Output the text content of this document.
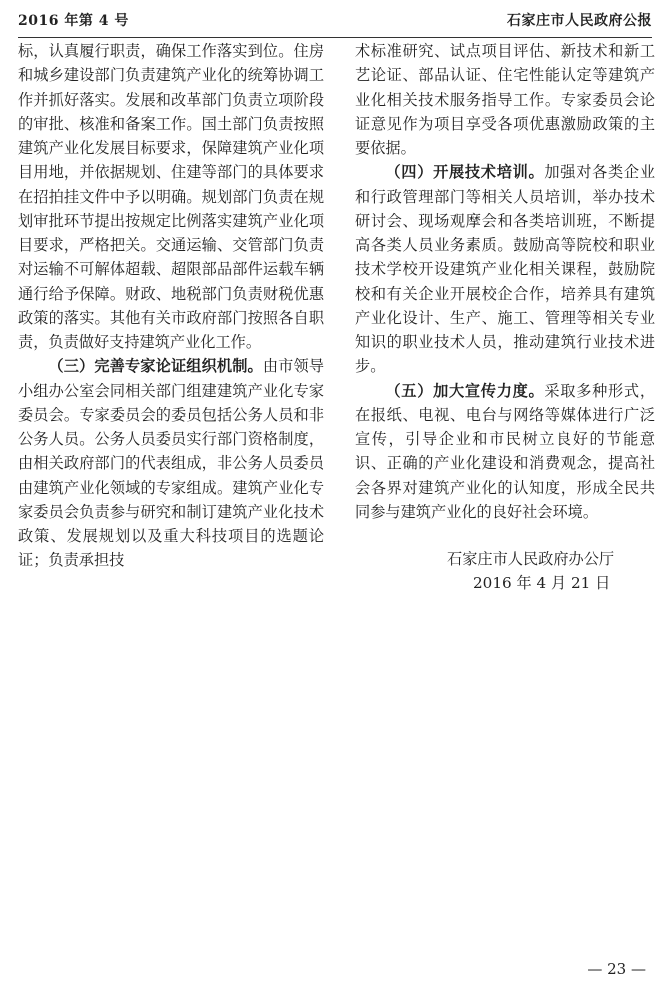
2016 年第 4 号	石家庄市人民政府公报

标，认真履行职责，确保工作落实到位。住房和城乡建设部门负责建筑产业化的统筹协调工作并抓好落实。发展和改革部门负责立项阶段的审批、核准和备案工作。国土部门负责按照建筑产业化发展目标要求，保障建筑产业化项目用地，并依据规划、住建等部门的具体要求在招拍挂文件中予以明确。规划部门负责在规划审批环节提出按规定比例落实建筑产业化项目要求，严格把关。交通运输、交管部门负责对运输不可解体超载、超限部品部件运载车辆通行给予保障。财政、地税部门负责财税优惠政策的落实。其他有关市政府部门按照各自职责，负责做好支持建筑产业化工作。

（三）完善专家论证组织机制。由市领导小组办公室会同相关部门组建建筑产业化专家委员会。专家委员会的委员包括公务人员和非公务人员。公务人员委员实行部门资格制度，由相关政府部门的代表组成，非公务人员委员由建筑产业化领域的专家组成。建筑产业化专家委员会负责参与研究和制订建筑产业化技术政策、发展规划以及重大科技项目的选题论证；负责承担技

术标准研究、试点项目评估、新技术和新工艺论证、部品认证、住宅性能认定等建筑产业化相关技术服务指导工作。专家委员会论证意见作为项目享受各项优惠激励政策的主要依据。

（四）开展技术培训。加强对各类企业和行政管理部门等相关人员培训，举办技术研讨会、现场观摩会和各类培训班，不断提高各类人员业务素质。鼓励高等院校和职业技术学校开设建筑产业化相关课程，鼓励院校和有关企业开展校企合作，培养具有建筑产业化设计、生产、施工、管理等相关专业知识的职业技术人员，推动建筑行业技术进步。

（五）加大宣传力度。采取多种形式，在报纸、电视、电台与网络等媒体进行广泛宣传，引导企业和市民树立良好的节能意识、正确的产业化建设和消费观念，提高社会各界对建筑产业化的认知度，形成全民共同参与建筑产业化的良好社会环境。

石家庄市人民政府办公厅
2016 年 4 月 21 日
— 23 —
